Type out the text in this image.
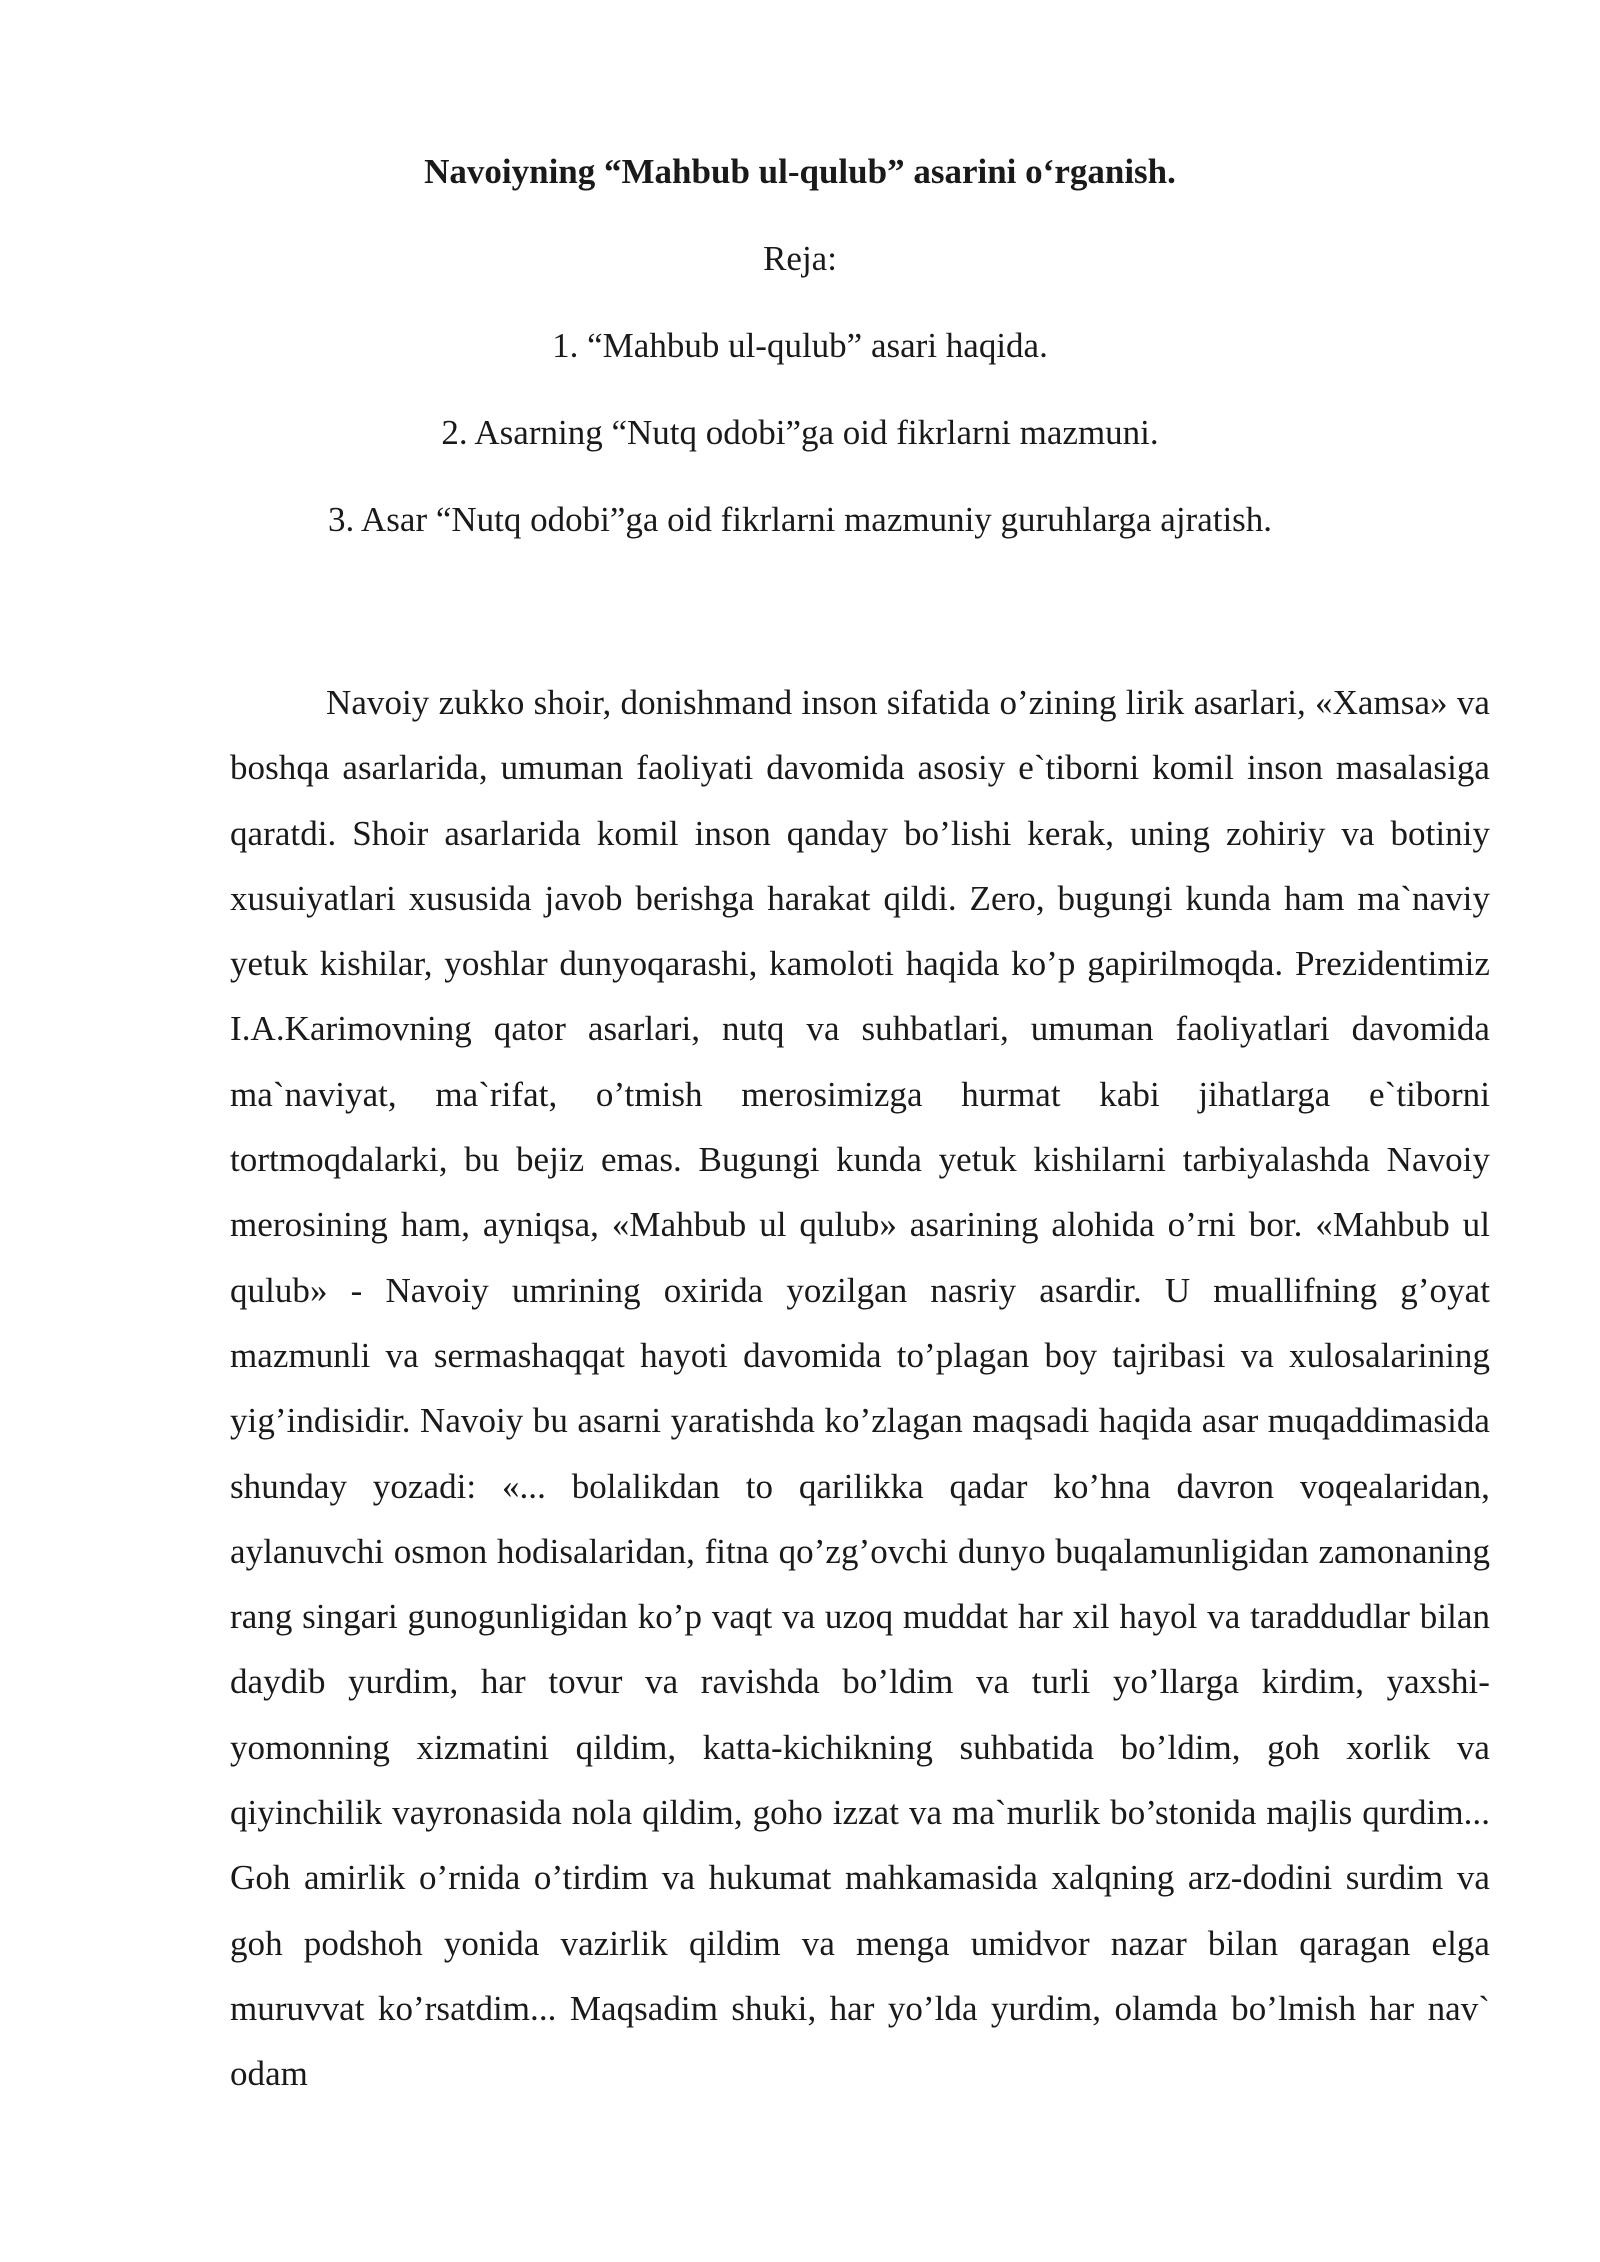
Navoiyning “Mahbub ul-qulub” asarini o‘rganish.

Reja:

1. “Mahbub ul-qulub” asari haqida.
2. Asarning “Nutq odobi”ga oid fikrlarni mazmuni.
3. Asar “Nutq odobi”ga oid fikrlarni mazmuniy guruhlarga ajratish.

Navoiy zukko shoir, donishmand inson sifatida o’zining lirik asarlari, «Xamsa» va boshqa asarlarida, umuman faoliyati davomida asosiy e`tiborni komil inson masalasiga qaratdi. Shoir asarlarida komil inson qanday bo’lishi kerak, uning zohiriy va botiniy xusuiyatlari xususida javob berishga harakat qildi. Zero, bugungi kunda ham ma`naviy yetuk kishilar, yoshlar dunyoqarashi, kamoloti haqida ko’p gapirilmoqda. Prezidentimiz I.A.Karimovning qator asarlari, nutq va suhbatlari, umuman faoliyatlari davomida ma`naviyat, ma`rifat, o’tmish merosimizga hurmat kabi jihatlarga e`tiborni tortmoqdalarki, bu bejiz emas. Bugungi kunda yetuk kishilarni tarbiyalashda Navoiy merosining ham, ayniqsa, «Mahbub ul qulub» asarining alohida o’rni bor. «Mahbub ul qulub» - Navoiy umrining oxirida yozilgan nasriy asardir. U muallifning g’oyat mazmunli va sermashaqqat hayoti davomida to’plagan boy tajribasi va xulosalarining yig’indisidir. Navoiy bu asarni yaratishda ko’zlagan maqsadi haqida asar muqaddimasida shunday yozadi: «... bolalikdan to qarilikka qadar ko’hna davron voqealaridan, aylanuvchi osmon hodisalaridan, fitna qo’zg’ovchi dunyo buqalamunligidan zamonaning rang singari gunogunligidan ko’p vaqt va uzoq muddat har xil hayol va taraddudlar bilan daydib yurdim, har tovur va ravishda bo’ldim va turli yo’llarga kirdim, yaxshi-yomonning xizmatini qildim, katta-kichikning suhbatida bo’ldim, goh xorlik va qiyinchilik vayronasida nola qildim, goho izzat va ma`murlik bo’stonida majlis qurdim... Goh amirlik o’rnida o’tirdim va hukumat mahkamasida xalqning arz-dodini surdim va goh podshoh yonida vazirlik qildim va menga umidvor nazar bilan qaragan elga muruvvat ko’rsatdim... Maqsadim shuki, har yo’lda yurdim, olamda bo’lmish har nav` odam
